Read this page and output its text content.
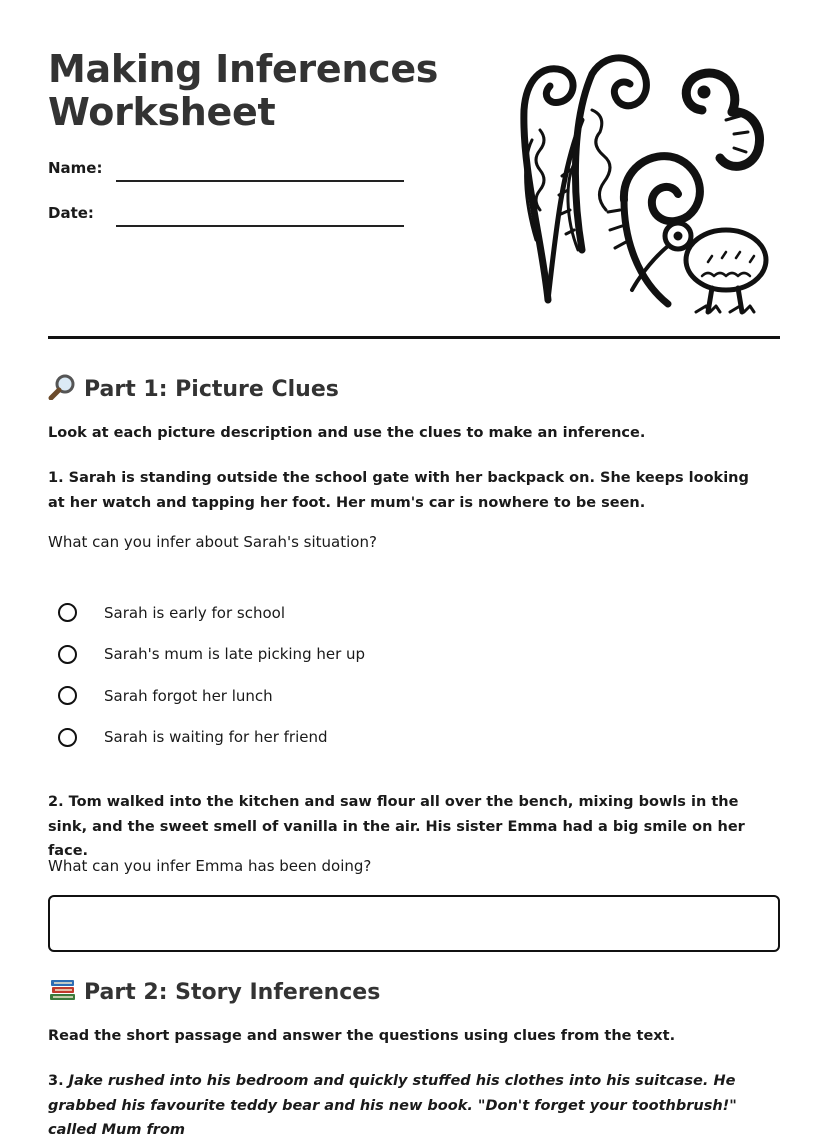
Making Inferences
Worksheet
Name:
Date:
Part 1: Picture Clues
Look at each picture description and use the clues to make an inference.
1. Sarah is standing outside the school gate with her backpack on. She keeps looking at her watch and tapping her foot. Her mum's car is nowhere to be seen.
What can you infer about Sarah's situation?
Sarah is early for school
Sarah's mum is late picking her up
Sarah forgot her lunch
Sarah is waiting for her friend
2. Tom walked into the kitchen and saw flour all over the bench, mixing bowls in the sink, and the sweet smell of vanilla in the air. His sister Emma had a big smile on her face.
What can you infer Emma has been doing?
Part 2: Story Inferences
Read the short passage and answer the questions using clues from the text.
3. Jake rushed into his bedroom and quickly stuffed his clothes into his suitcase. He grabbed his favourite teddy bear and his new book. "Don't forget your toothbrush!" called Mum from
